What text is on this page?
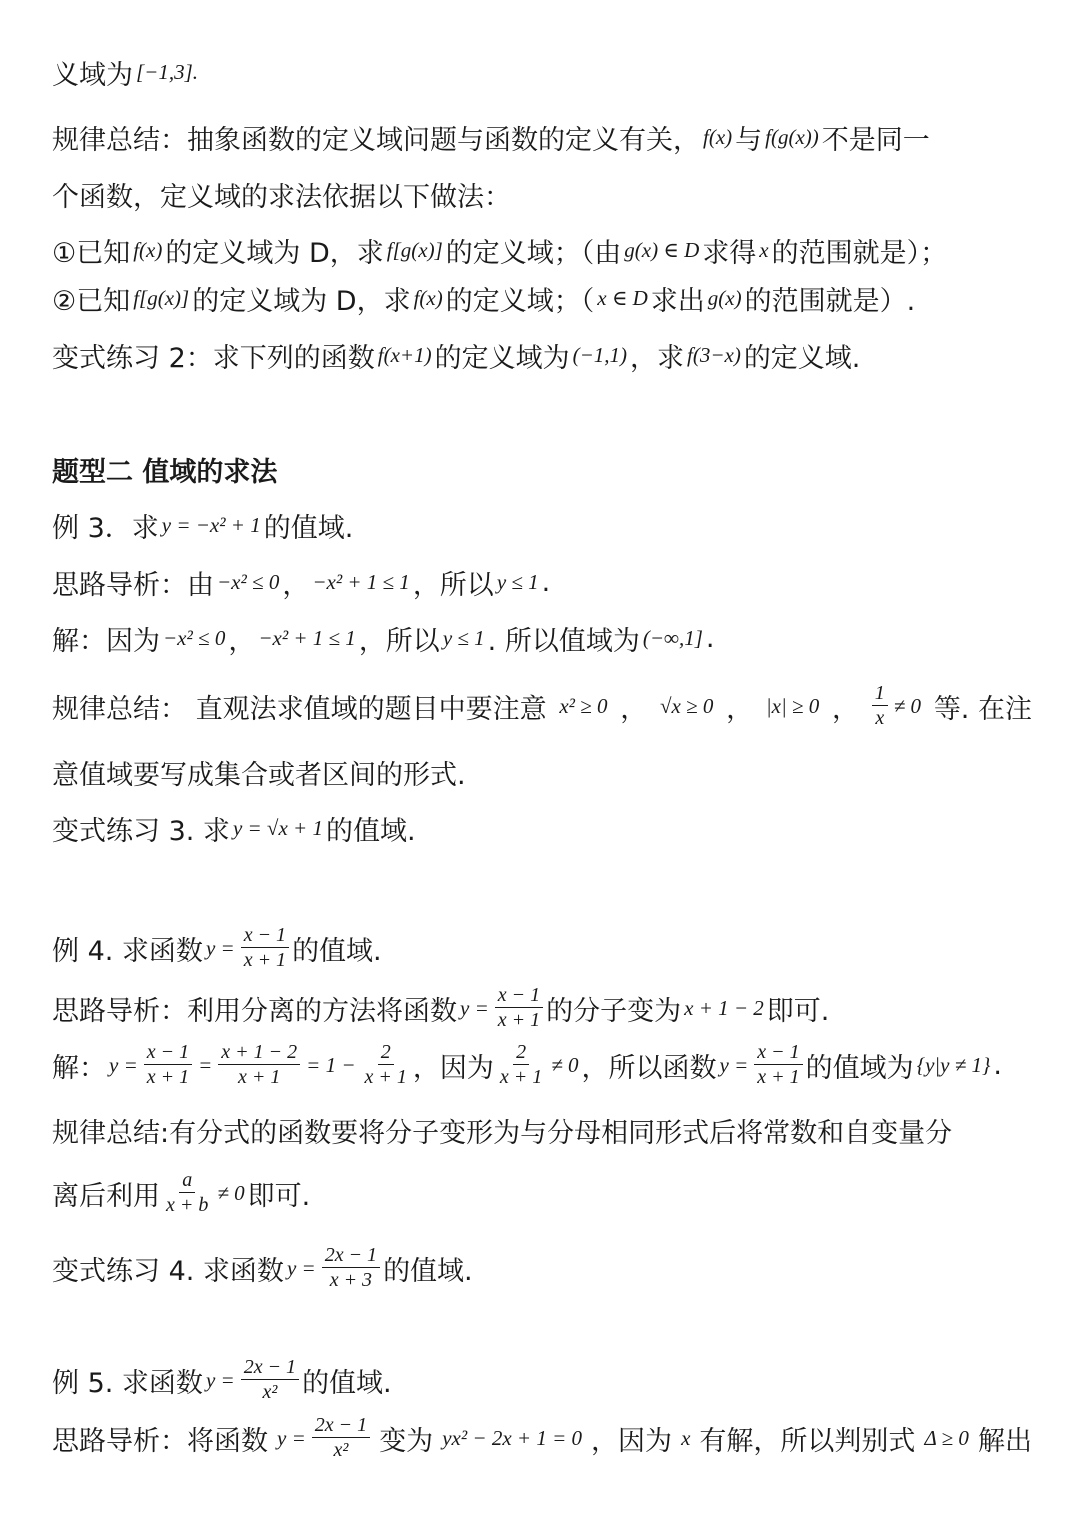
义域为 [−1,3].
规律总结：抽象函数的定义域问题与函数的定义有关， f(x) 与 f(g(x)) 不是同一
个函数，定义域的求法依据以下做法：
①已知 f(x) 的定义域为 D，求 f[g(x)] 的定义域；（由 g(x) ∈ D 求得 x 的范围就是）；
②已知 f[g(x)] 的定义域为 D，求 f(x) 的定义域；（ x ∈ D 求出 g(x) 的范围就是）.
变式练习 2：求下列的函数 f(x+1) 的定义域为 (−1,1) ，求 f(3−x) 的定义域.
题型二 值域的求法
例 3．求 y = −x² + 1 的值域.
思路导析：由 −x² ≤ 0 ， −x² + 1 ≤ 1 ，所以 y ≤ 1 .
解：因为 −x² ≤ 0 ， −x² + 1 ≤ 1 ，所以 y ≤ 1 . 所以值域为 (−∞,1] .
规律总结： 直观法求值域的题目中要注意 x² ≥ 0 ， √x ≥ 0 ， |x| ≥ 0 ， $\frac{1}{x} \ne 0$ 等. 在注
意值域要写成集合或者区间的形式.
变式练习 3. 求 y = √x + 1 的值域.
例 4. 求函数 $y = \frac{x - 1}{x + 1}$ 的值域.
思路导析：利用分离的方法将函数 $y = \frac{x - 1}{x + 1}$ 的分子变为 x + 1 − 2 即可.
解： $y = \frac{x - 1}{x + 1} = \frac{x + 1 - 2}{x + 1} = 1 - \frac{2}{x + 1}$ ，因为 $\frac{2}{x + 1} \ne 0$ ，所以函数 $y = \frac{x - 1}{x + 1}$ 的值域为 {y|y ≠ 1} .
规律总结:有分式的函数要将分子变形为与分母相同形式后将常数和自变量分
离后利用 $\frac{a}{x + b} \ne 0$ 即可.
变式练习 4. 求函数 $y = \frac{2x - 1}{x + 3}$ 的值域.
例 5. 求函数 $y = \frac{2x - 1}{\text{x²}}$ 的值域.
思路导析：将函数 $y = \frac{2x - 1}{\text{x²}}$ 变为 yx² − 2x + 1 = 0 ，因为 x 有解，所以判别式 Δ ≥ 0 解出
